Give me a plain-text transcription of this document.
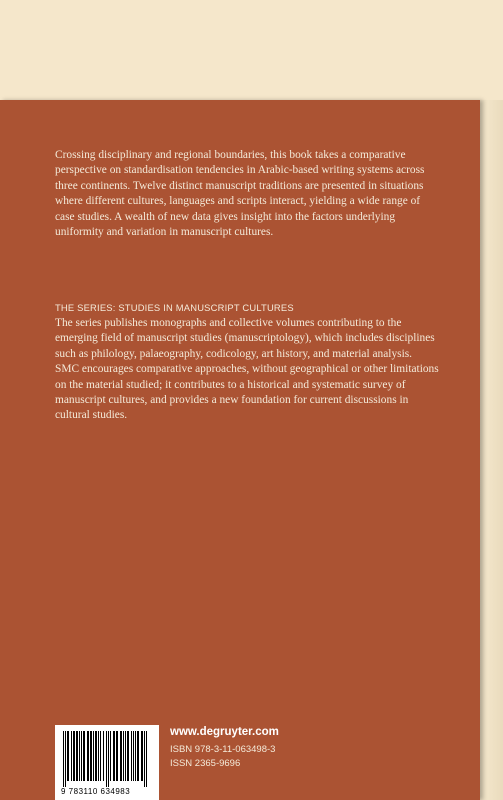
Crossing disciplinary and regional boundaries, this book takes a comparative perspective on standardisation tendencies in Arabic-based writing systems across three continents. Twelve distinct manuscript traditions are presented in situations where different cultures, languages and scripts interact, yielding a wide range of case studies. A wealth of new data gives insight into the factors underlying uniformity and variation in manuscript cultures.
THE SERIES: STUDIES IN MANUSCRIPT CULTURES

The series publishes monographs and collective volumes contributing to the emerging field of manuscript studies (manuscriptology), which includes disciplines such as philology, palaeography, codicology, art history, and material analysis.

SMC encourages comparative approaches, without geographical or other limitations on the material studied; it contributes to a historical and systematic survey of manuscript cultures, and provides a new foundation for current discussions in cultural studies.

9 783110 634983
www.degruyter.com
ISBN 978-3-11-063498-3
ISSN 2365-9696
